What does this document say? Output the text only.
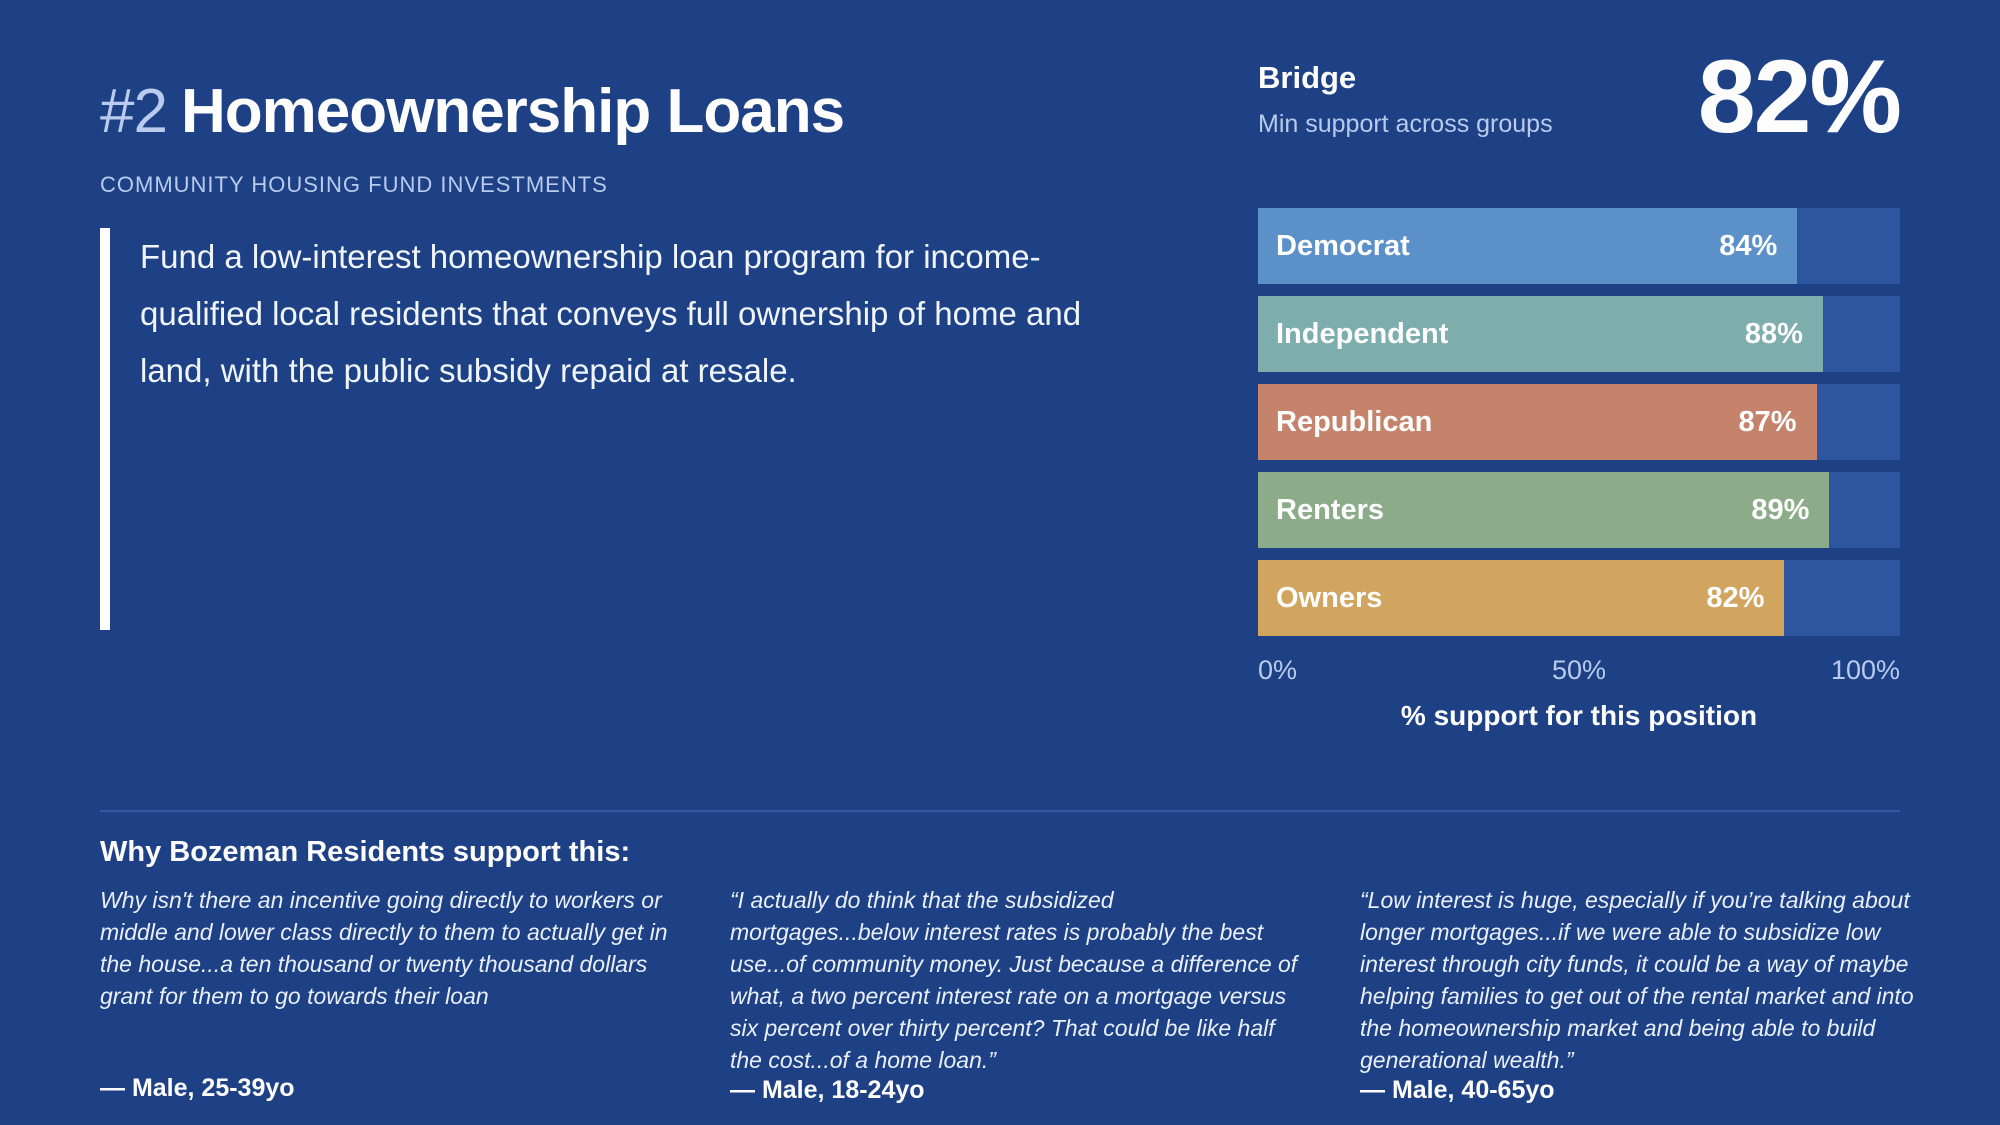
#2 Homeownership Loans
COMMUNITY HOUSING FUND INVESTMENTS

Fund a low-interest homeownership loan program for income-qualified local residents that conveys full ownership of home and land, with the public subsidy repaid at resale.

Bridge
Min support across groups 82%
Democrat	84%
Independent	88%
Republican	87%
Renters	89%
Owners	82%
0%	50%	100%
% support for this position
Why Bozeman Residents support this:

Why isn't there an incentive going directly to workers or middle and lower class directly to them to actually get in the house...a ten thousand or twenty thousand dollars grant for them to go towards their loan

— Male, 25-39yo

“I actually do think that the subsidized mortgages...below interest rates is probably the best use...of community money. Just because a difference of what, a two percent interest rate on a mortgage versus six percent over thirty percent? That could be like half the cost...of a home loan.”

— Male, 18-24yo

“Low interest is huge, especially if you’re talking about longer mortgages...if we were able to subsidize low interest through city funds, it could be a way of maybe helping families to get out of the rental market and into the homeownership market and being able to build generational wealth.”

— Male, 40-65yo
